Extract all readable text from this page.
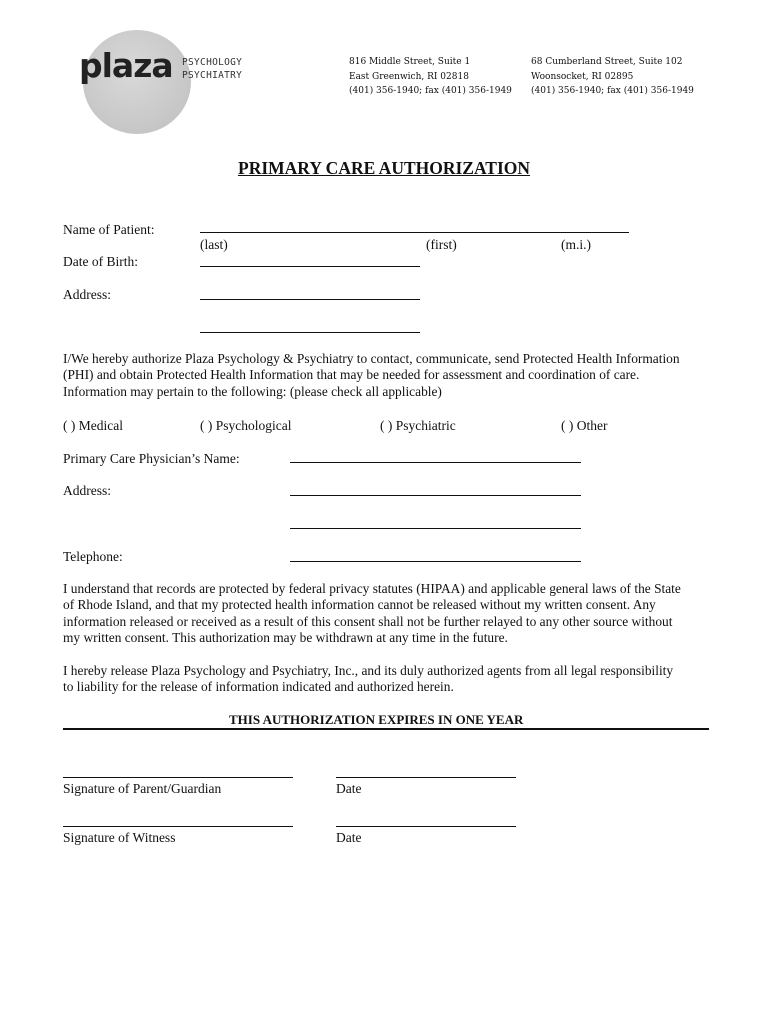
plaza PSYCHOLOGY
PSYCHIATRY
816 Middle Street, Suite 1
East Greenwich, RI 02818
(401) 356-1940; fax (401) 356-1949
68 Cumberland Street, Suite 102
Woonsocket, RI 02895
(401) 356-1940; fax (401) 356-1949
PRIMARY CARE AUTHORIZATION
Name of Patient:
(last)	(first)	(m.i.)
Date of Birth:
Address:

I/We hereby authorize Plaza Psychology & Psychiatry to contact, communicate, send Protected Health Information

(PHI) and obtain Protected Health Information that may be needed for assessment and coordination of care.

Information may pertain to the following: (please check all applicable)

( ) Medical	( ) Psychological	( ) Psychiatric	( ) Other
Primary Care Physician’s Name:
Address:
Telephone:

I understand that records are protected by federal privacy statutes (HIPAA) and applicable general laws of the State

of Rhode Island, and that my protected health information cannot be released without my written consent. Any

information released or received as a result of this consent shall not be further relayed to any other source without

my written consent. This authorization may be withdrawn at any time in the future.

I hereby release Plaza Psychology and Psychiatry, Inc., and its duly authorized agents from all legal responsibility

to liability for the release of information indicated and authorized herein.

THIS AUTHORIZATION EXPIRES IN ONE YEAR
Signature of Parent/Guardian	Date
Signature of Witness	Date
